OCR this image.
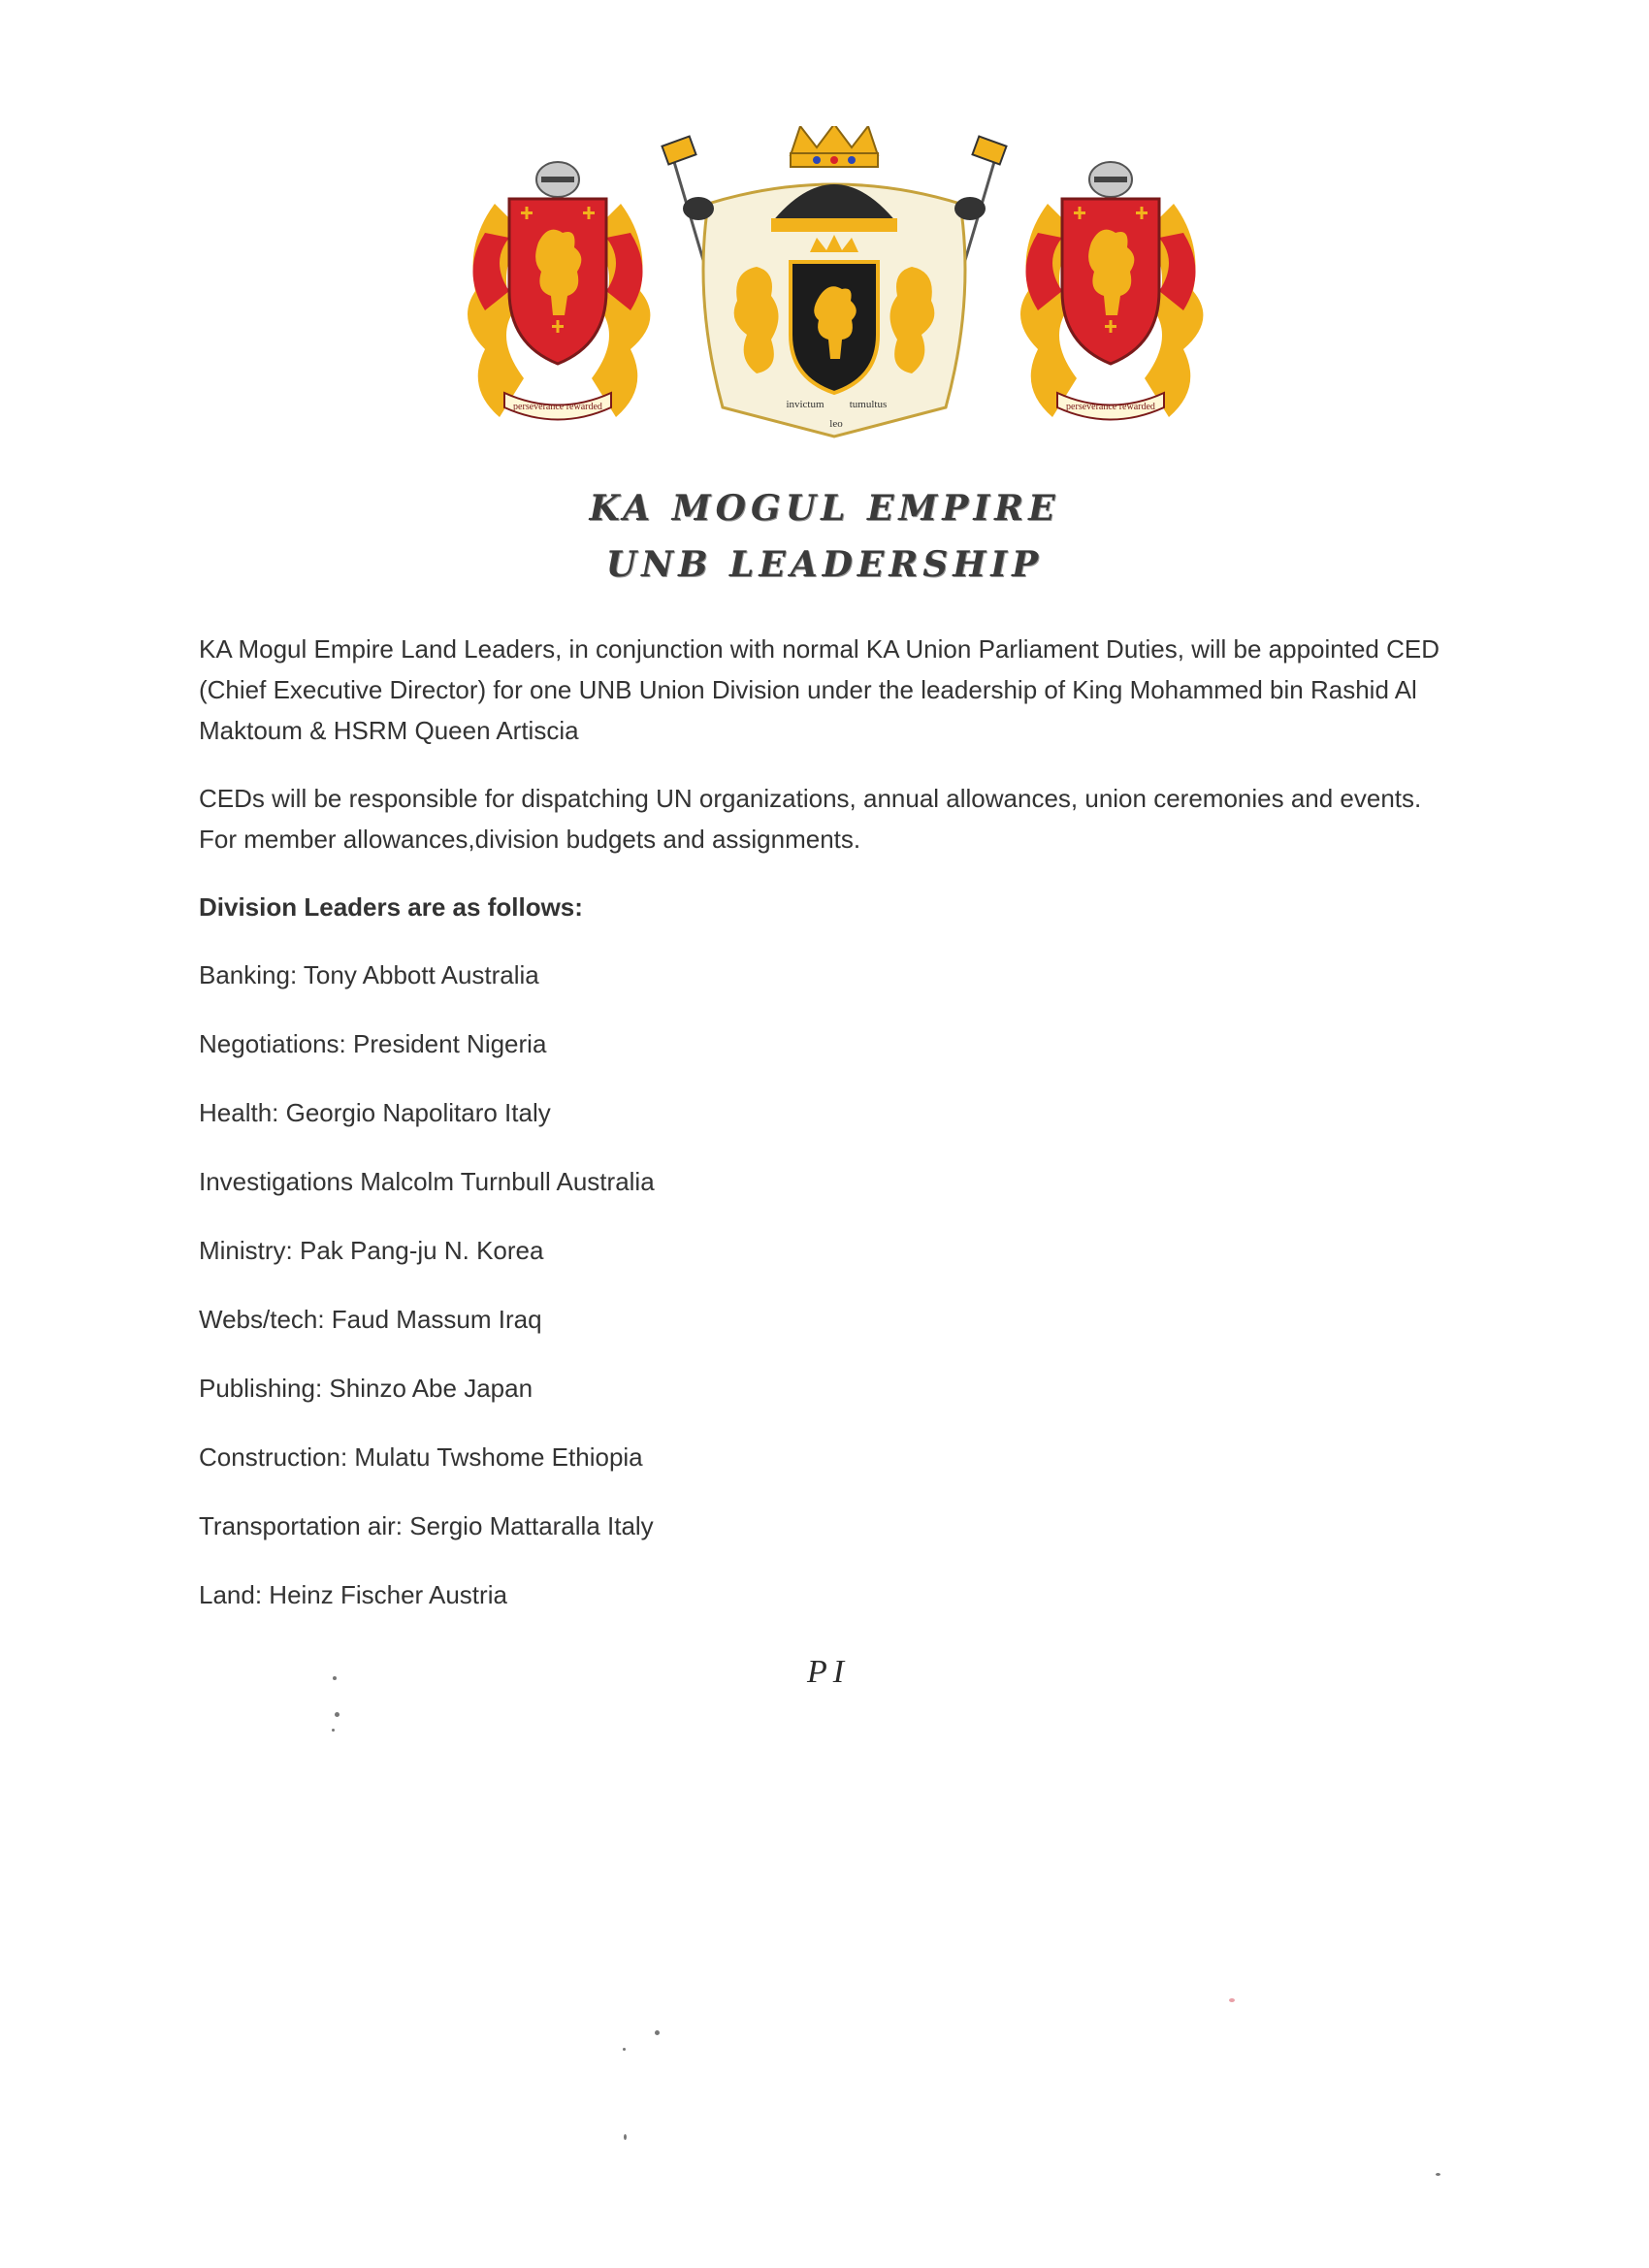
perseverance rewarded	invictum tumultus
leo
perseverance rewarded
KA MOGUL EMPIRE
UNB LEADERSHIP

KA Mogul Empire Land Leaders, in conjunction with normal KA Union Parliament Duties, will be appointed CED (Chief Executive Director) for one UNB Union Division under the leadership of King Mohammed bin Rashid Al Maktoum & HSRM Queen Artiscia

CEDs will be responsible for dispatching UN organizations, annual allowances, union ceremonies and events. For member allowances,division budgets and assignments.

Division Leaders are as follows:

Banking: Tony Abbott Australia
Negotiations: President Nigeria
Health: Georgio Napolitaro Italy
Investigations Malcolm Turnbull Australia
Ministry: Pak Pang-ju N. Korea
Webs/tech: Faud Massum Iraq
Publishing: Shinzo Abe Japan
Construction: Mulatu Twshome Ethiopia
Transportation air: Sergio Mattaralla Italy
Land: Heinz Fischer Austria
PI
